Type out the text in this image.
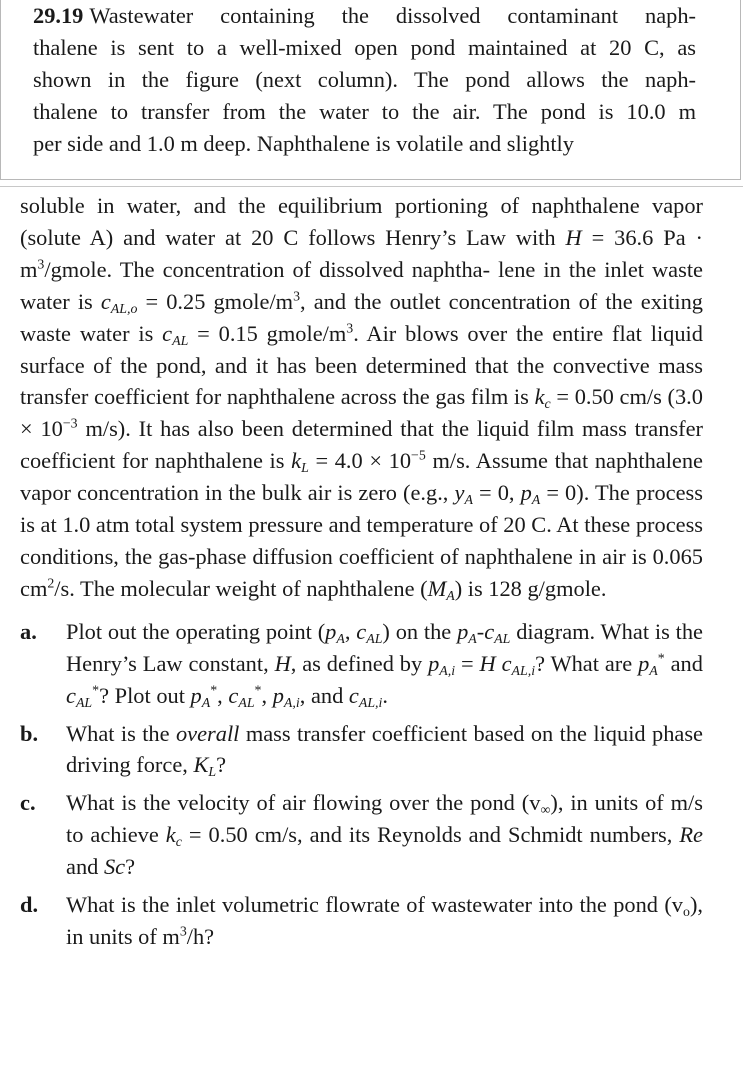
29.19 Wastewater containing the dissolved contaminant naph-
thalene is sent to a well-mixed open pond maintained at 20 C, as
shown in the figure (next column). The pond allows the naph-
thalene to transfer from the water to the air. The pond is 10.0 m
per side and 1.0 m deep. Naphthalene is volatile and slightly
soluble in water, and the equilibrium portioning of naphthalene vapor (solute A) and water at 20 C follows Henry’s Law with H = 36.6 $Pa \cdot m^3$/gmole. The concentration of dissolved naphtha- lene in the inlet waste water is $c_{AL,o} = 0.25$ gmole/$m^3$, and the outlet concentration of the exiting waste water is $c_{AL} = 0.15$ gmole/$m^3$. Air blows over the entire flat liquid surface of the pond, and it has been determined that the convective mass transfer coefficient for naphthalene across the gas film is $k_c = 0.50$ cm/s ($3.0 \times 10^{-3}$ m/s). It has also been determined that the liquid film mass transfer coefficient for naphthalene is $k_L = 4.0 \times 10^{-5}$ m/s. Assume that naphthalene vapor concentration in the bulk air is zero (e.g., $y_A = 0$, $p_A = 0$). The process is at 1.0 atm total system pressure and temperature of 20 C. At these process conditions, the gas-phase diffusion coefficient of naphthalene in air is 0.065 $cm^2/s$. The molecular weight of naphthalene $(M_A)$ is 128 g/gmole.
a. Plot out the operating point ($p_A$, $c_{AL}$) on the $p_A-c_{AL}$ diagram. What is the Henry’s Law constant, H, as defined by $p_{A,i} = H$ $c_{AL,i}$? What are $p_A^*$ and $c_{AL}^*$? Plot out $p_A^*$, $c_{AL}^*$, $p_{A,i}$, and $c_{AL,i}$.
b. What is the overall mass transfer coefficient based on the liquid phase driving force, $K_L$?
c. What is the velocity of air flowing over the pond $(v_\infty)$, in units of m/s to achieve $k_c = 0.50$ cm/s, and its Reynolds and Schmidt numbers, Re and Sc?
d. What is the inlet volumetric flowrate of wastewater into the pond $(v_o)$, in units of $m^3/h$?
